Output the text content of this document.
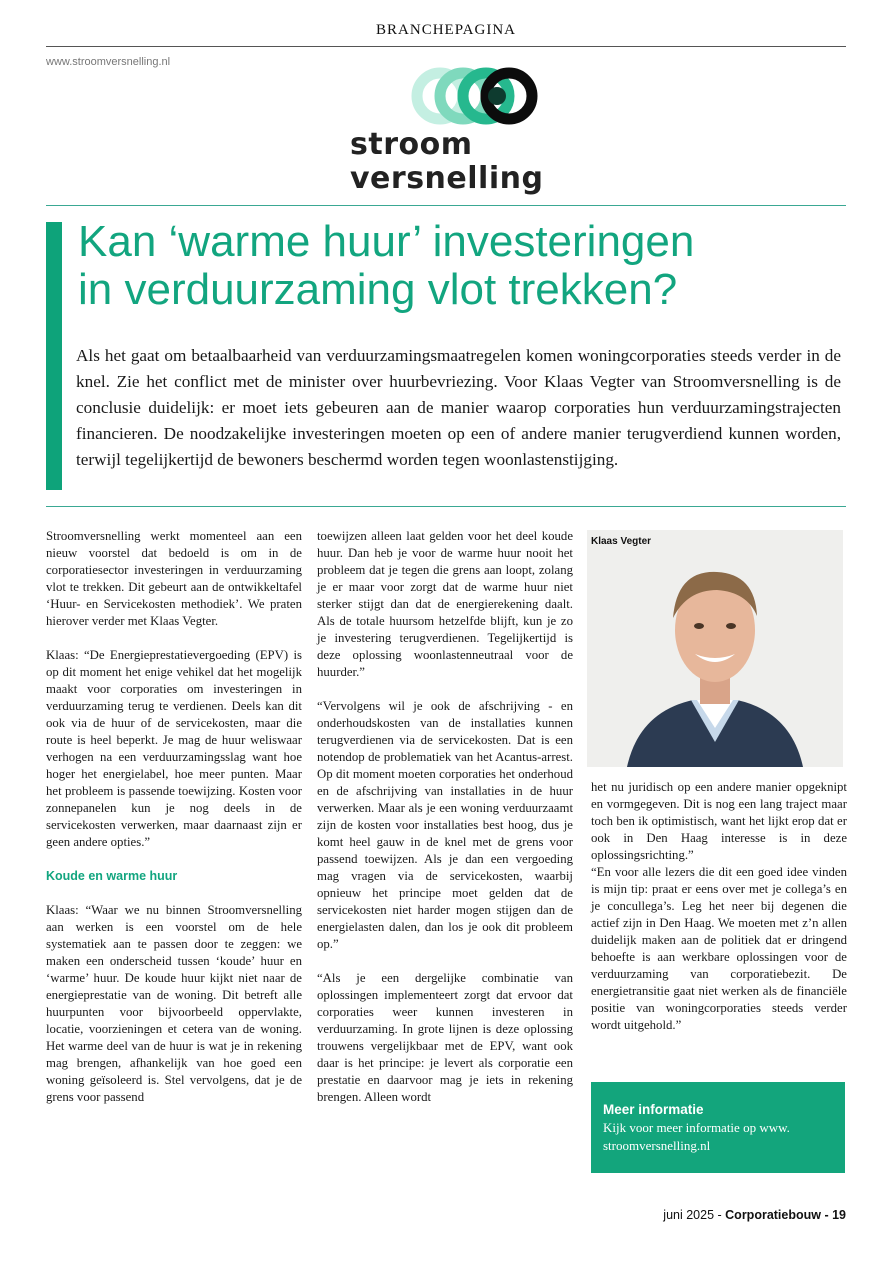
BRANCHEPAGINA
www.stroomversnelling.nl
stroom
versnelling
Kan ‘warme huur’ investeringen
in verduurzaming vlot trekken?

Als het gaat om betaalbaarheid van verduurzamingsmaatregelen komen woningcorporaties steeds verder in de knel. Zie het conflict met de minister over huurbevriezing. Voor Klaas Vegter van Stroomversnelling is de conclusie duidelijk: er moet iets gebeuren aan de manier waarop corporaties hun verduurzamingstrajecten financieren. De noodzakelijke investeringen moeten op een of andere manier terugverdiend kunnen worden, terwijl tegelijkertijd de bewoners beschermd worden tegen woonlastenstijging.

Stroomversnelling werkt momenteel aan een nieuw voorstel dat bedoeld is om in de corporatiesector investeringen in verduurzaming vlot te trekken. Dit gebeurt aan de ontwikkeltafel ‘Huur- en Servicekosten methodiek’. We praten hierover verder met Klaas Vegter.

Klaas: “De Energieprestatievergoeding (EPV) is op dit moment het enige vehikel dat het mogelijk maakt voor corporaties om investeringen in verduurzaming terug te verdienen. Deels kan dit ook via de huur of de servicekosten, maar die route is heel beperkt. Je mag de huur weliswaar verhogen na een verduurzamingsslag want hoe hoger het energielabel, hoe meer punten. Maar het probleem is passende toewijzing. Kosten voor zonnepanelen kun je nog deels in de servicekosten verwerken, maar daarnaast zijn er geen andere opties.”

Koude en warme huur

Klaas: “Waar we nu binnen Stroomversnelling aan werken is een voorstel om de hele systematiek aan te passen door te zeggen: we maken een onderscheid tussen ‘koude’ huur en ‘warme’ huur. De koude huur kijkt niet naar de energieprestatie van de woning. Dit betreft alle huurpunten voor bijvoorbeeld oppervlakte, locatie, voorzieningen et cetera van de woning. Het warme deel van de huur is wat je in rekening mag brengen, afhankelijk van hoe goed een woning geïsoleerd is. Stel vervolgens, dat je de grens voor passend

toewijzen alleen laat gelden voor het deel koude huur. Dan heb je voor de warme huur nooit het probleem dat je tegen die grens aan loopt, zolang je er maar voor zorgt dat de warme huur niet sterker stijgt dan dat de energierekening daalt. Als de totale huursom hetzelfde blijft, kun je zo je investering terugverdienen. Tegelijkertijd is deze oplossing woonlastenneutraal voor de huurder.”

“Vervolgens wil je ook de afschrijving - en onderhoudskosten van de installaties kunnen terugverdienen via de servicekosten. Dat is een notendop de problematiek van het Acantus-arrest. Op dit moment moeten corporaties het onderhoud en de afschrijving van installaties in de huur verwerken. Maar als je een woning verduurzaamt zijn de kosten voor installaties best hoog, dus je komt heel gauw in de knel met de grens voor passend toewijzen. Als je dan een vergoeding mag vragen via de servicekosten, waarbij opnieuw het principe moet gelden dat de servicekosten niet harder mogen stijgen dan de energielasten dalen, dan los je ook dit probleem op.”

“Als je een dergelijke combinatie van oplossingen implementeert zorgt dat ervoor dat corporaties weer kunnen investeren in verduurzaming. In grote lijnen is deze oplossing trouwens vergelijkbaar met de EPV, want ook daar is het principe: je levert als corporatie een prestatie en daarvoor mag je iets in rekening brengen. Alleen wordt

Klaas Vegter

het nu juridisch op een andere manier opgeknipt en vormgegeven. Dit is nog een lang traject maar toch ben ik optimistisch, want het lijkt erop dat er ook in Den Haag interesse is in deze oplossingsrichting.”

“En voor alle lezers die dit een goed idee vinden is mijn tip: praat er eens over met je collega’s en je concullega’s. Leg het neer bij degenen die actief zijn in Den Haag. We moeten met z’n allen duidelijk maken aan de politiek dat er dringend behoefte is aan werkbare oplossingen voor de verduurzaming van corporatiebezit. De energietransitie gaat niet werken als de financiële positie van woningcorporaties steeds verder wordt uitgehold.”

Meer informatie
Kijk voor meer informatie op www. stroomversnelling.nl
juni 2025 - Corporatiebouw - 19
